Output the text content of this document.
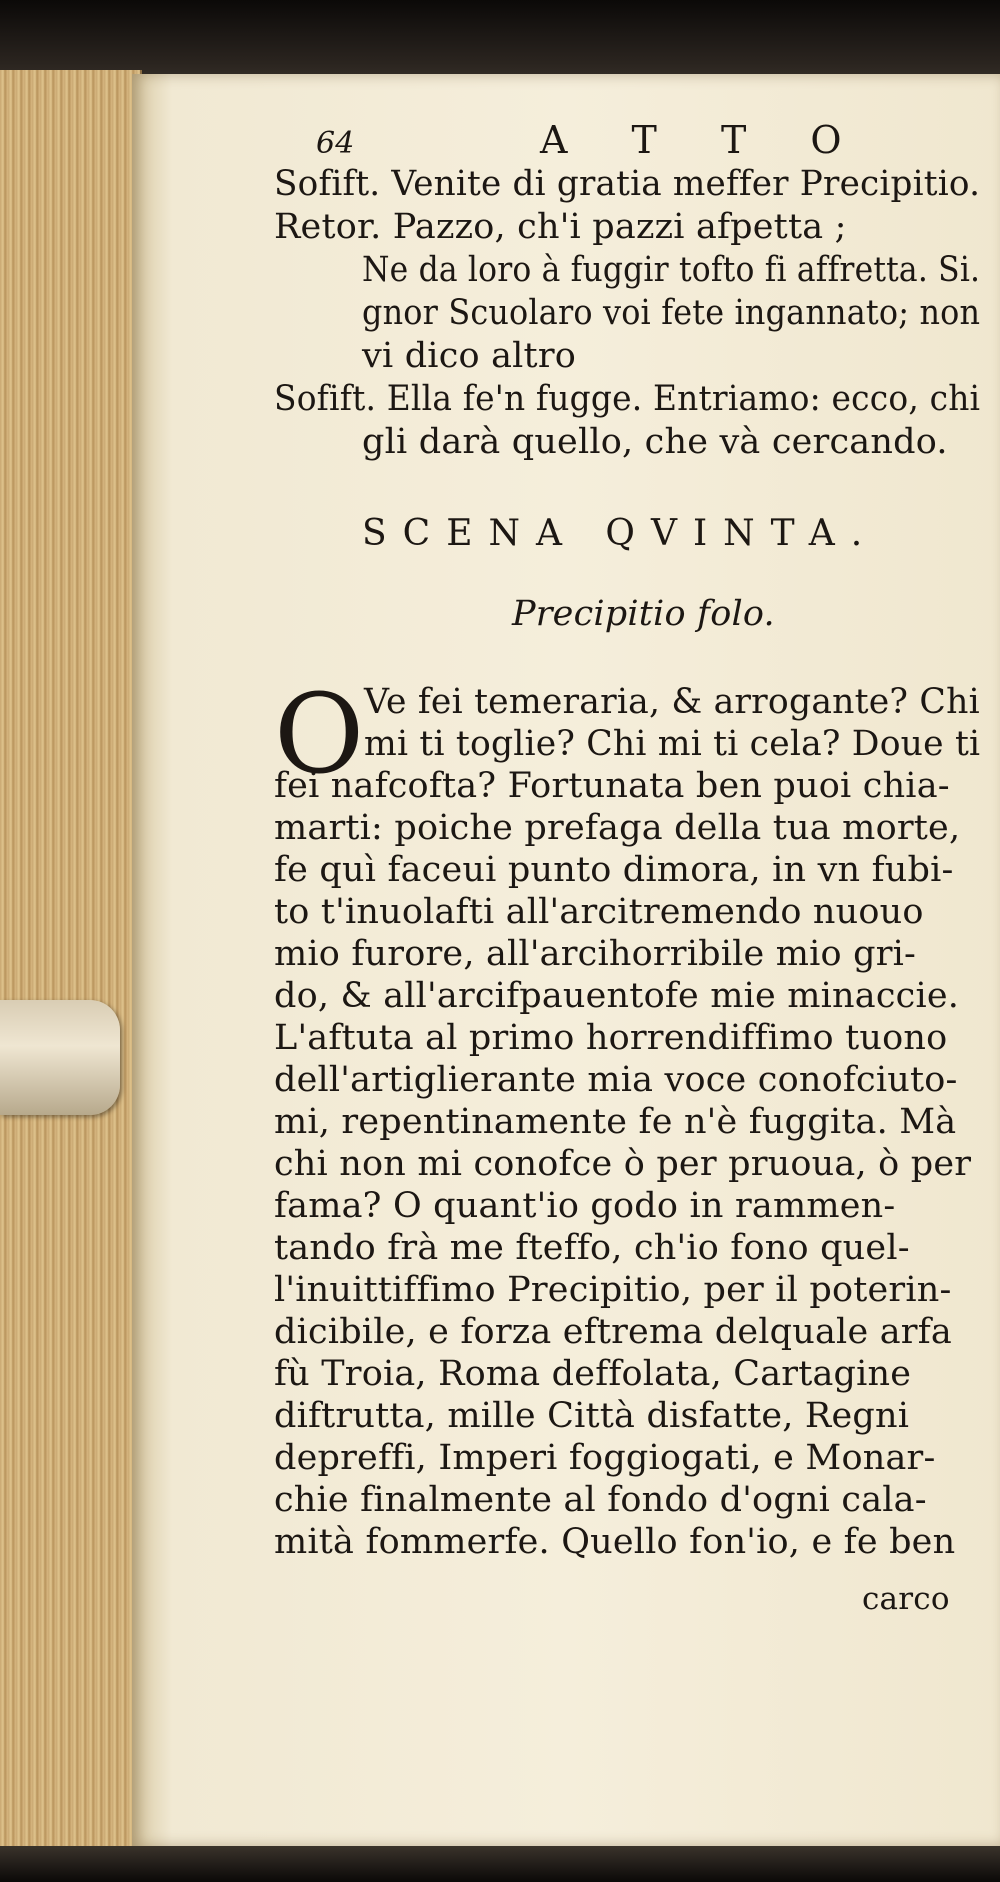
64	A T T O
Sofift. Venite di gratia meffer Precipitio.
Retor. Pazzo, ch'i pazzi afpetta ;
Ne da loro à fuggir tofto fi affretta. Si.
gnor Scuolaro voi fete ingannato; non
vi dico altro
Sofift. Ella fe'n fugge. Entriamo: ecco, chi
gli darà quello, che và cercando.
SCENA QVINTA.
Precipitio folo.
O Ve fei temeraria, & arrogante? Chi
mi ti toglie? Chi mi ti cela? Doue ti
fei nafcofta? Fortunata ben puoi chia-
marti: poiche prefaga della tua morte,
fe quì faceui punto dimora, in vn fubi-
to t'inuolafti all'arcitremendo nuouo
mio furore, all'arcihorribile mio gri-
do, & all'arcifpauentofe mie minaccie.
L'aftuta al primo horrendiffimo tuono
dell'artiglierante mia voce conofciuto-
mi, repentinamente fe n'è fuggita. Mà
chi non mi conofce ò per pruoua, ò per
fama? O quant'io godo in rammen-
tando frà me fteffo, ch'io fono quel-
l'inuittiffimo Precipitio, per il poterin-
dicibile, e forza eftrema delquale arfa
fù Troia, Roma deffolata, Cartagine
diftrutta, mille Città disfatte, Regni
depreffi, Imperi foggiogati, e Monar-
chie finalmente al fondo d'ogni cala-
mità fommerfe. Quello fon'io, e fe ben
carco
